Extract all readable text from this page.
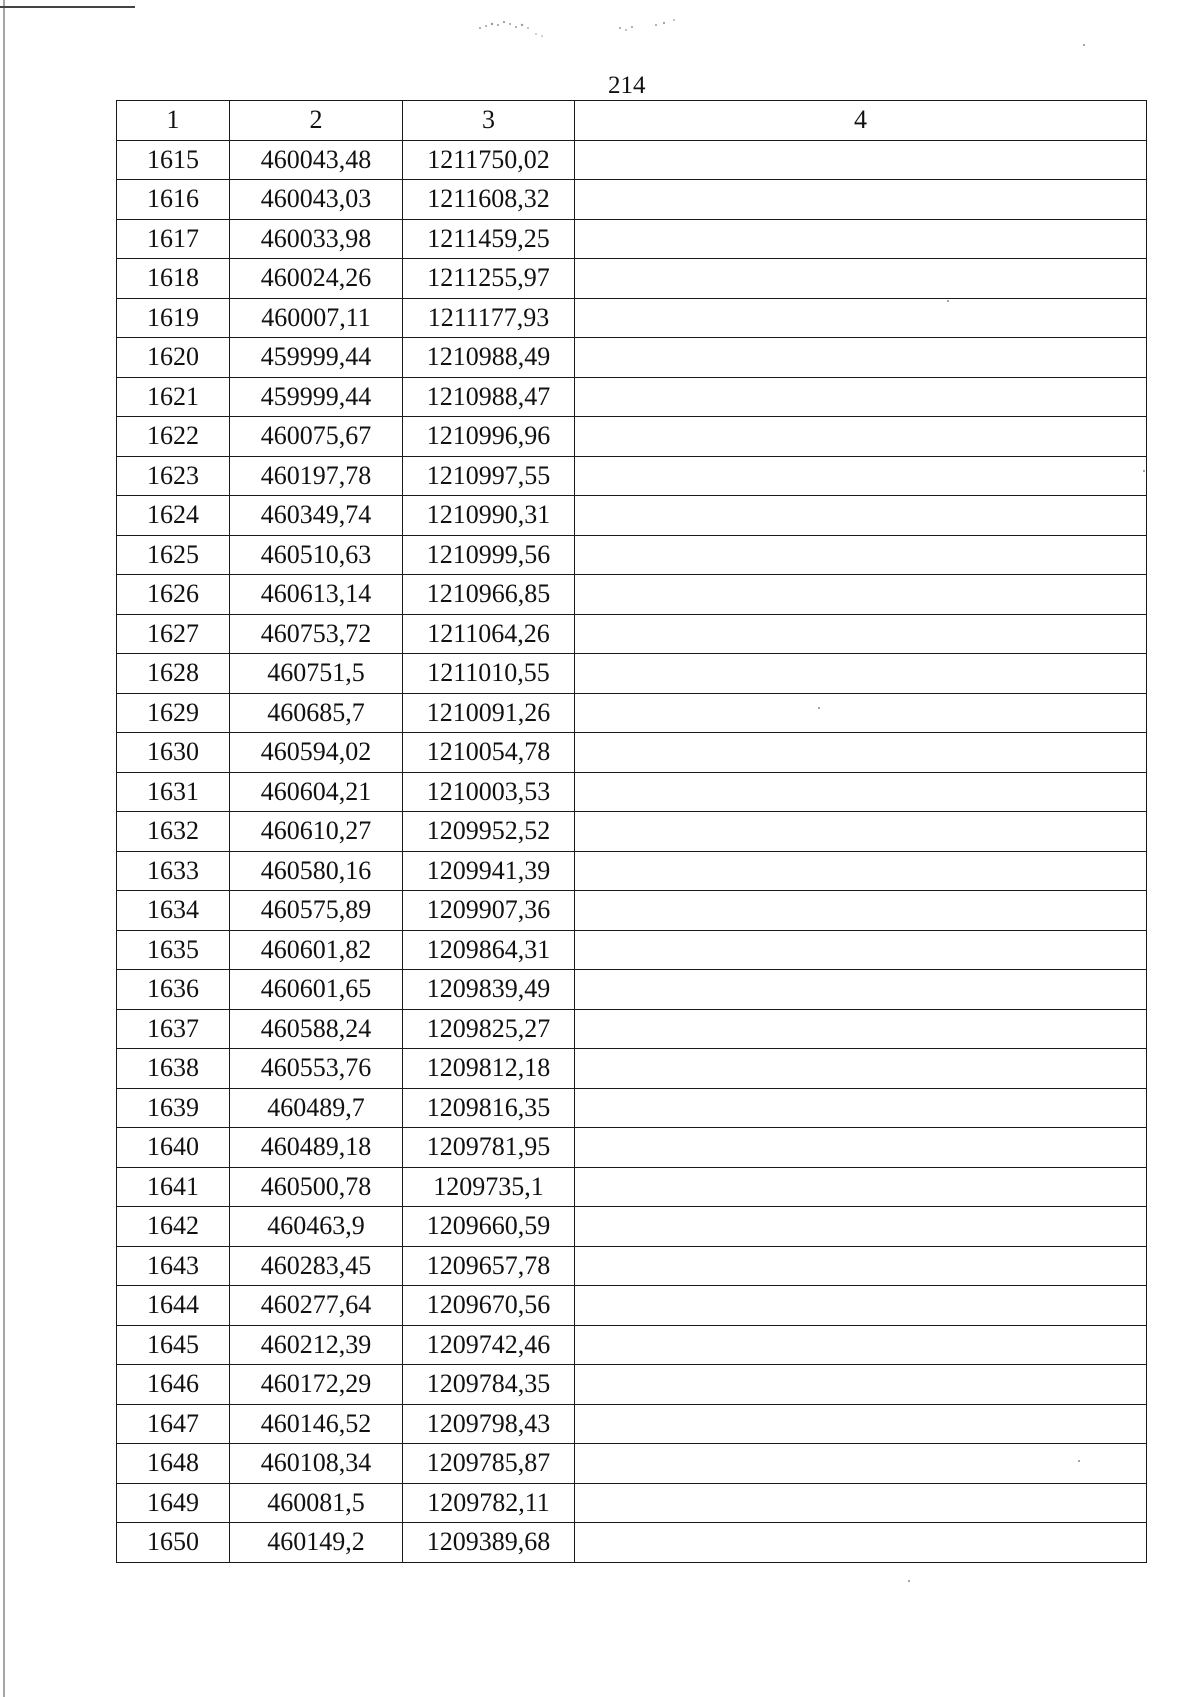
214
1	2	3	4
1615	460043,48	1211750,02	
1616	460043,03	1211608,32	
1617	460033,98	1211459,25	
1618	460024,26	1211255,97	
1619	460007,11	1211177,93	
1620	459999,44	1210988,49	
1621	459999,44	1210988,47	
1622	460075,67	1210996,96	
1623	460197,78	1210997,55	
1624	460349,74	1210990,31	
1625	460510,63	1210999,56	
1626	460613,14	1210966,85	
1627	460753,72	1211064,26	
1628	460751,5	1211010,55	
1629	460685,7	1210091,26	
1630	460594,02	1210054,78	
1631	460604,21	1210003,53	
1632	460610,27	1209952,52	
1633	460580,16	1209941,39	
1634	460575,89	1209907,36	
1635	460601,82	1209864,31	
1636	460601,65	1209839,49	
1637	460588,24	1209825,27	
1638	460553,76	1209812,18	
1639	460489,7	1209816,35	
1640	460489,18	1209781,95	
1641	460500,78	1209735,1	
1642	460463,9	1209660,59	
1643	460283,45	1209657,78	
1644	460277,64	1209670,56	
1645	460212,39	1209742,46	
1646	460172,29	1209784,35	
1647	460146,52	1209798,43	
1648	460108,34	1209785,87	
1649	460081,5	1209782,11	
1650	460149,2	1209389,68	
